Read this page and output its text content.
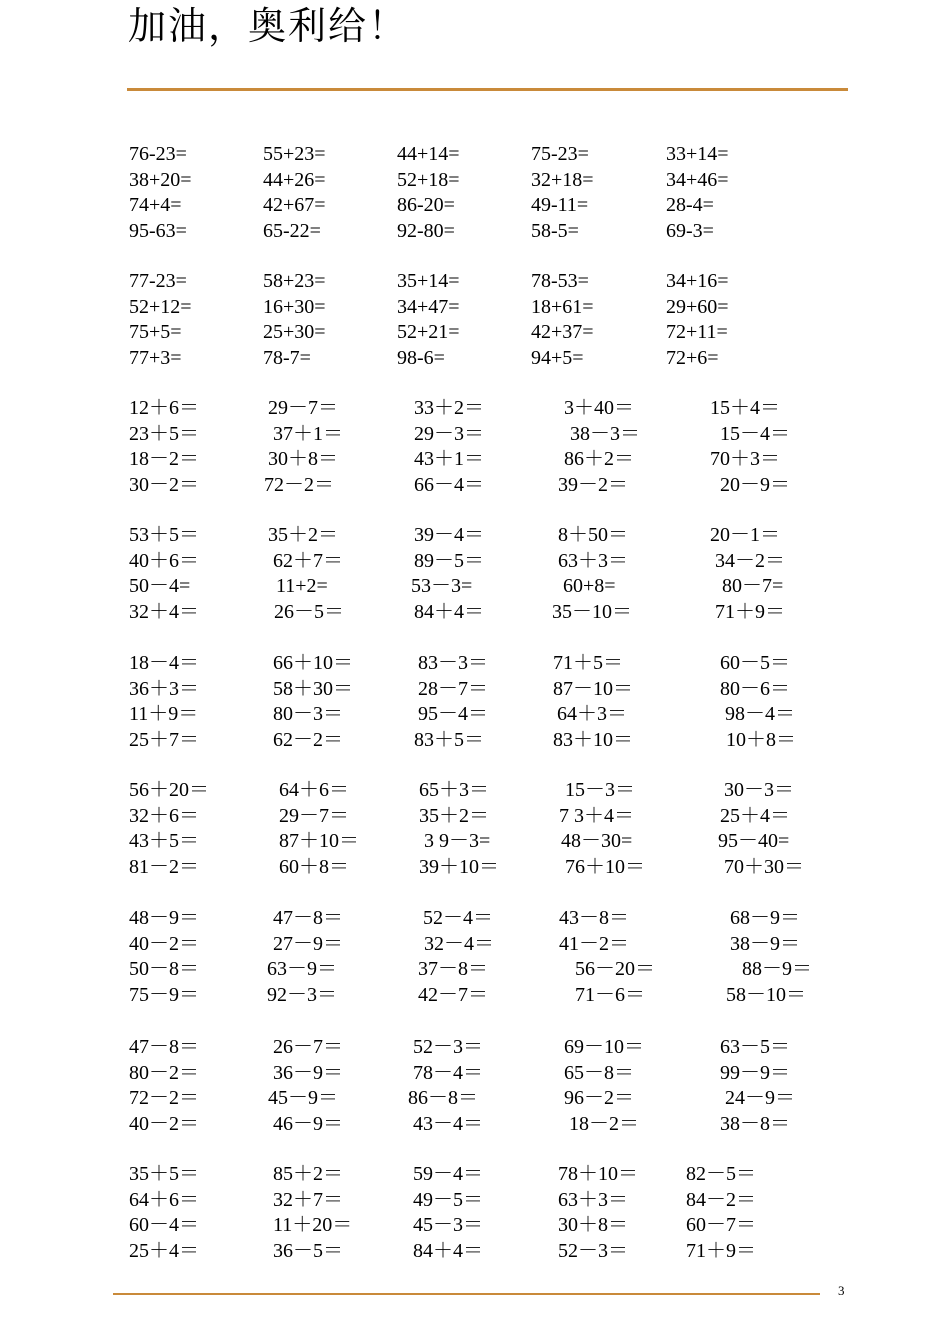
加油，奥利给！
76-23=	55+23=	44+14=	75-23=	33+14=
38+20=	44+26=	52+18=	32+18=	34+46=
74+4=	42+67=	86-20=	49-11=	28-4=
95-63=	65-22=	92-80=	58-5=	69-3=
77-23=	58+23=	35+14=	78-53=	34+16=
52+12=	16+30=	34+47=	18+61=	29+60=
75+5=	25+30=	52+21=	42+37=	72+11=
77+3=	78-7=	98-6=	94+5=	72+6=
12＋6＝	29－7＝	33＋2＝	3＋40＝	15＋4＝
23＋5＝	37＋1＝	29－3＝	38－3＝	15－4＝
18－2＝	30＋8＝	43＋1＝	86＋2＝	70＋3＝
30－2＝	72－2＝	66－4＝	39－2＝	20－9＝
53＋5＝	35＋2＝	39－4＝	8＋50＝	20－1＝
40＋6＝	62＋7＝	89－5＝	63＋3＝	34－2＝
50－4=	11+2=	53－3=	60+8=	80－7=
32＋4＝	26－5＝	84＋4＝	35－10＝	71＋9＝
18－4＝	66＋10＝	83－3＝	71＋5＝	60－5＝
36＋3＝	58＋30＝	28－7＝	87－10＝	80－6＝
11＋9＝	80－3＝	95－4＝	64＋3＝	98－4＝
25＋7＝	62－2＝	83＋5＝	83＋10＝	10＋8＝
56＋20＝	64＋6＝	65＋3＝	15－3＝	30－3＝
32＋6＝	29－7＝	35＋2＝	7 3＋4＝	25＋4＝
43＋5＝	87＋10＝	3 9－3=	48－30=	95－40=
81－2＝	60＋8＝	39＋10＝	76＋10＝	70＋30＝
48－9＝	47－8＝	52－4＝	43－8＝	68－9＝
40－2＝	27－9＝	32－4＝	41－2＝	38－9＝
50－8＝	63－9＝	37－8＝	56－20＝	88－9＝
75－9＝	92－3＝	42－7＝	71－6＝	58－10＝
47－8＝	26－7＝	52－3＝	69－10＝	63－5＝
80－2＝	36－9＝	78－4＝	65－8＝	99－9＝
72－2＝	45－9＝	86－8＝	96－2＝	24－9＝
40－2＝	46－9＝	43－4＝	18－2＝	38－8＝
35＋5＝	85＋2＝	59－4＝	78＋10＝ 82－5＝
64＋6＝	32＋7＝	49－5＝	63＋3＝	84－2＝
60－4＝	11＋20＝	45－3＝	30＋8＝	60－7＝
25＋4＝	36－5＝	84＋4＝	52－3＝	71＋9＝
3
